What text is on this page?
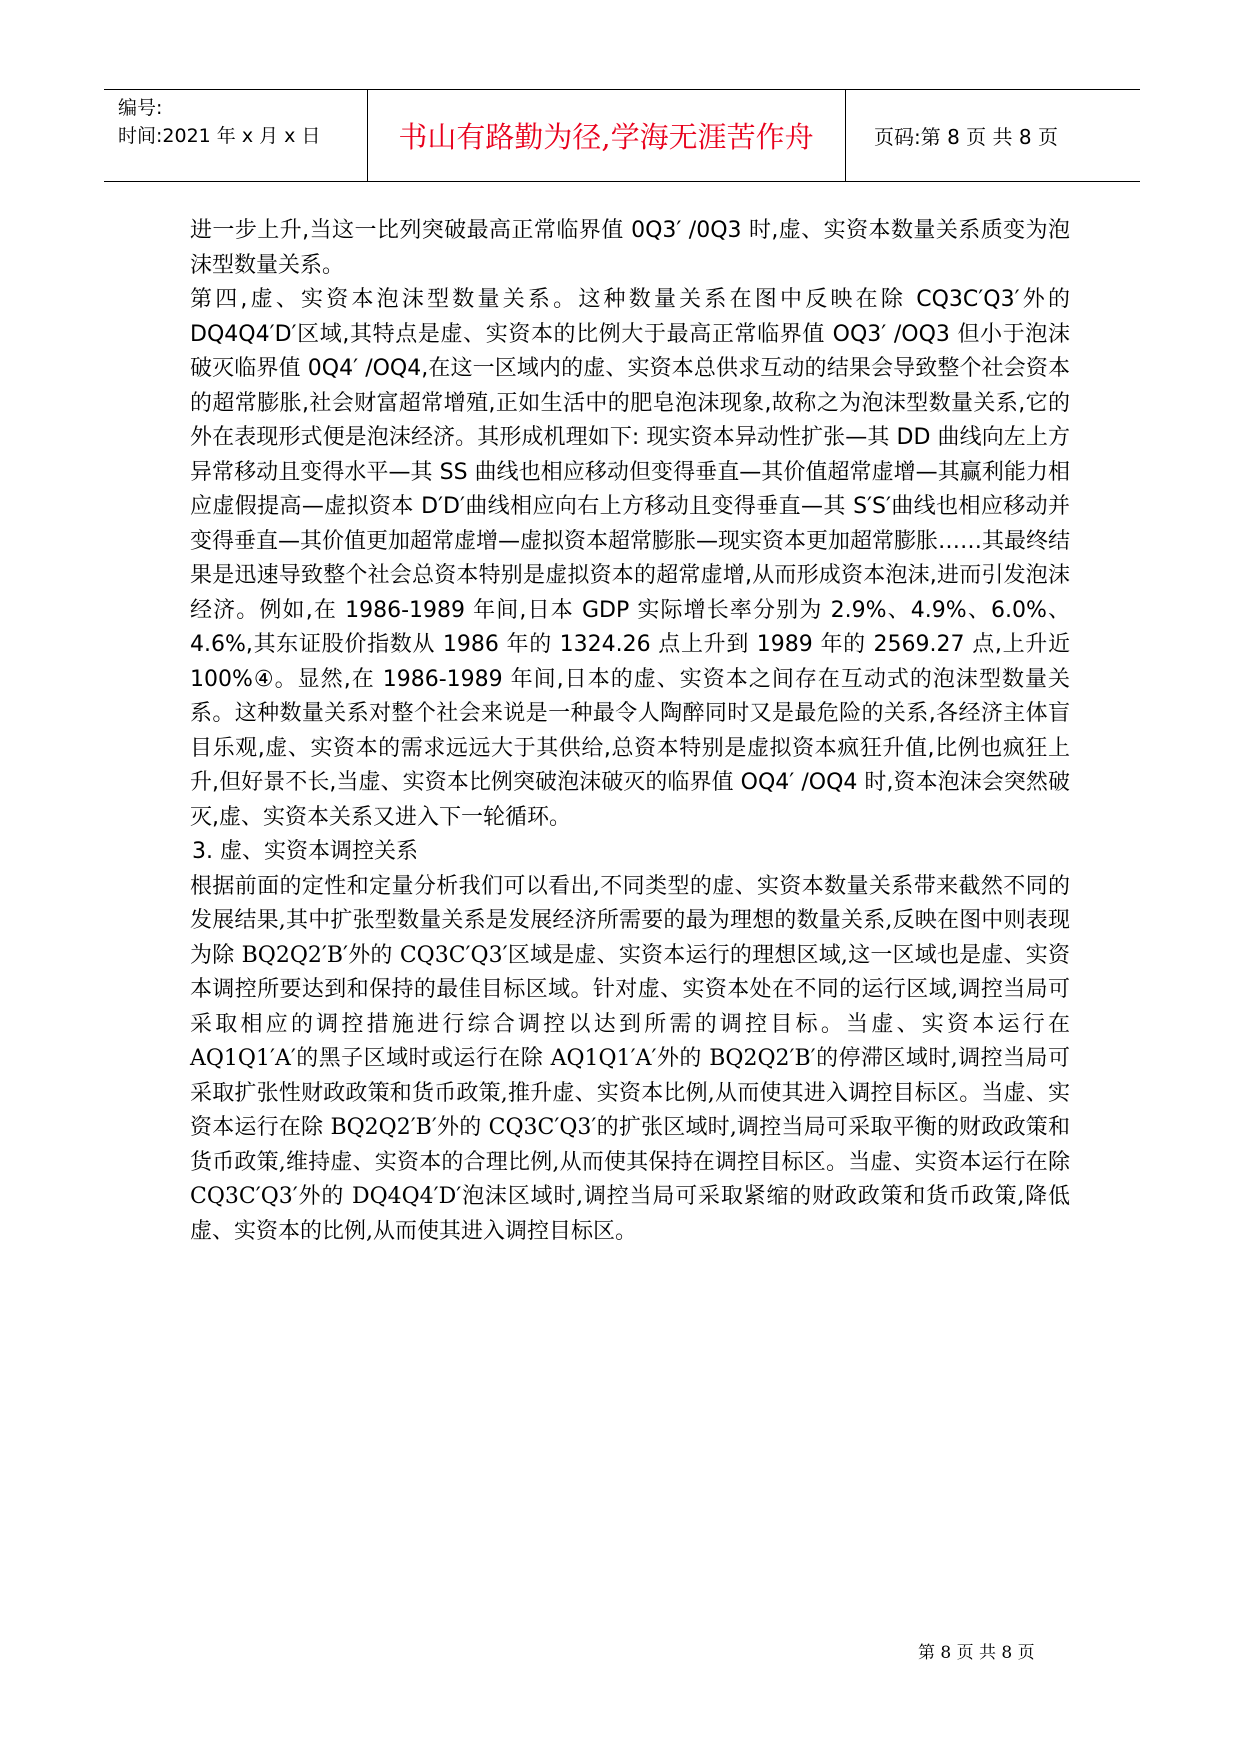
编号:
时间:2021 年 x 月 x 日	书山有路勤为径,学海无涯苦作舟	页码:第 8 页 共 8 页

进一步上升,当这一比列突破最高正常临界值 0Q3′ /0Q3 时,虚、实资本数量关系质变为泡沫型数量关系。

第四,虚、实资本泡沫型数量关系。这种数量关系在图中反映在除 CQ3C′Q3′外的 DQ4Q4′D′区域,其特点是虚、实资本的比例大于最高正常临界值 OQ3′ /OQ3 但小于泡沫破灭临界值 0Q4′ /OQ4,在这一区域内的虚、实资本总供求互动的结果会导致整个社会资本的超常膨胀,社会财富超常增殖,正如生活中的肥皂泡沫现象,故称之为泡沫型数量关系,它的外在表现形式便是泡沫经济。其形成机理如下: 现实资本异动性扩张—其 DD 曲线向左上方异常移动且变得水平—其 SS 曲线也相应移动但变得垂直—其价值超常虚增—其赢利能力相应虚假提高—虚拟资本 D′D′曲线相应向右上方移动且变得垂直—其 S′S′曲线也相应移动并变得垂直—其价值更加超常虚增—虚拟资本超常膨胀—现实资本更加超常膨胀……其最终结果是迅速导致整个社会总资本特别是虚拟资本的超常虚增,从而形成资本泡沫,进而引发泡沫经济。例如,在 1986-1989 年间,日本 GDP 实际增长率分别为 2.9%、4.9%、6.0%、4.6%,其东证股价指数从 1986 年的 1324.26 点上升到 1989 年的 2569.27 点,上升近 100%④。显然,在 1986-1989 年间,日本的虚、实资本之间存在互动式的泡沫型数量关系。这种数量关系对整个社会来说是一种最令人陶醉同时又是最危险的关系,各经济主体盲目乐观,虚、实资本的需求远远大于其供给,总资本特别是虚拟资本疯狂升值,比例也疯狂上升,但好景不长,当虚、实资本比例突破泡沫破灭的临界值 OQ4′ /OQ4 时,资本泡沫会突然破灭,虚、实资本关系又进入下一轮循环。

3. 虚、实资本调控关系

根据前面的定性和定量分析我们可以看出,不同类型的虚、实资本数量关系带来截然不同的发展结果,其中扩张型数量关系是发展经济所需要的最为理想的数量关系,反映在图中则表现为除 BQ2Q2′B′外的 CQ3C′Q3′区域是虚、实资本运行的理想区域,这一区域也是虚、实资本调控所要达到和保持的最佳目标区域。针对虚、实资本处在不同的运行区域,调控当局可采取相应的调控措施进行综合调控以达到所需的调控目标。当虚、实资本运行在 AQ1Q1′A′的黑子区域时或运行在除 AQ1Q1′A′外的 BQ2Q2′B′的停滞区域时,调控当局可采取扩张性财政政策和货币政策,推升虚、实资本比例,从而使其进入调控目标区。当虚、实资本运行在除 BQ2Q2′B′外的 CQ3C′Q3′的扩张区域时,调控当局可采取平衡的财政政策和货币政策,维持虚、实资本的合理比例,从而使其保持在调控目标区。当虚、实资本运行在除 CQ3C′Q3′外的 DQ4Q4′D′泡沫区域时,调控当局可采取紧缩的财政政策和货币政策,降低虚、实资本的比例,从而使其进入调控目标区。

第 8 页 共 8 页
